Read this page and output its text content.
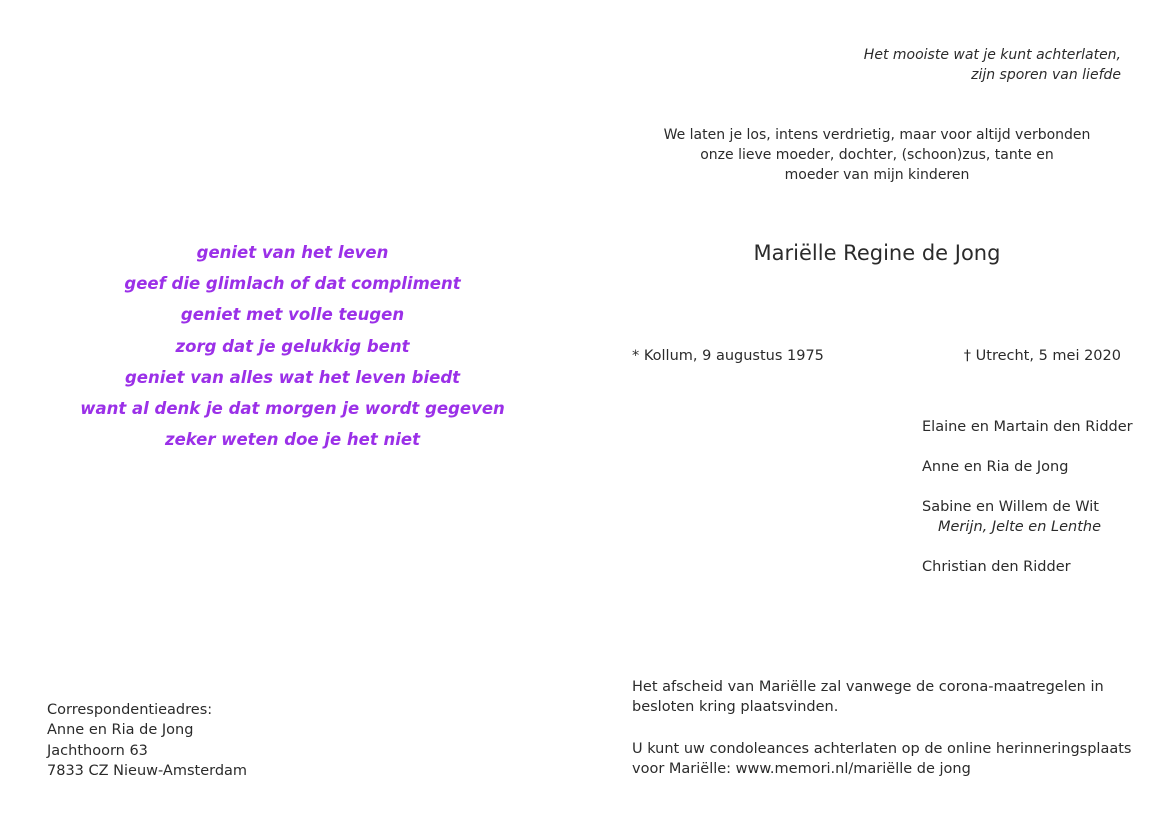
geniet van het leven
geef die glimlach of dat compliment
geniet met volle teugen
zorg dat je gelukkig bent
geniet van alles wat het leven biedt
want al denk je dat morgen je wordt gegeven
zeker weten doe je het niet
Correspondentieadres:
Anne en Ria de Jong
Jachthoorn 63
7833 CZ Nieuw-Amsterdam
Het mooiste wat je kunt achterlaten,
zijn sporen van liefde
We laten je los, intens verdrietig, maar voor altijd verbonden
onze lieve moeder, dochter, (schoon)zus, tante en
moeder van mijn kinderen
Mariëlle Regine de Jong
* Kollum, 9 augustus 1975	† Utrecht, 5 mei 2020
Elaine en Martain den Ridder
Anne en Ria de Jong
Sabine en Willem de Wit
Merijn, Jelte en Lenthe
Christian den Ridder

Het afscheid van Mariëlle zal vanwege de corona-maatregelen in besloten kring plaatsvinden.

U kunt uw condoleances achterlaten op de online herinneringsplaats voor Mariëlle: www.memori.nl/mariëlle de jong
